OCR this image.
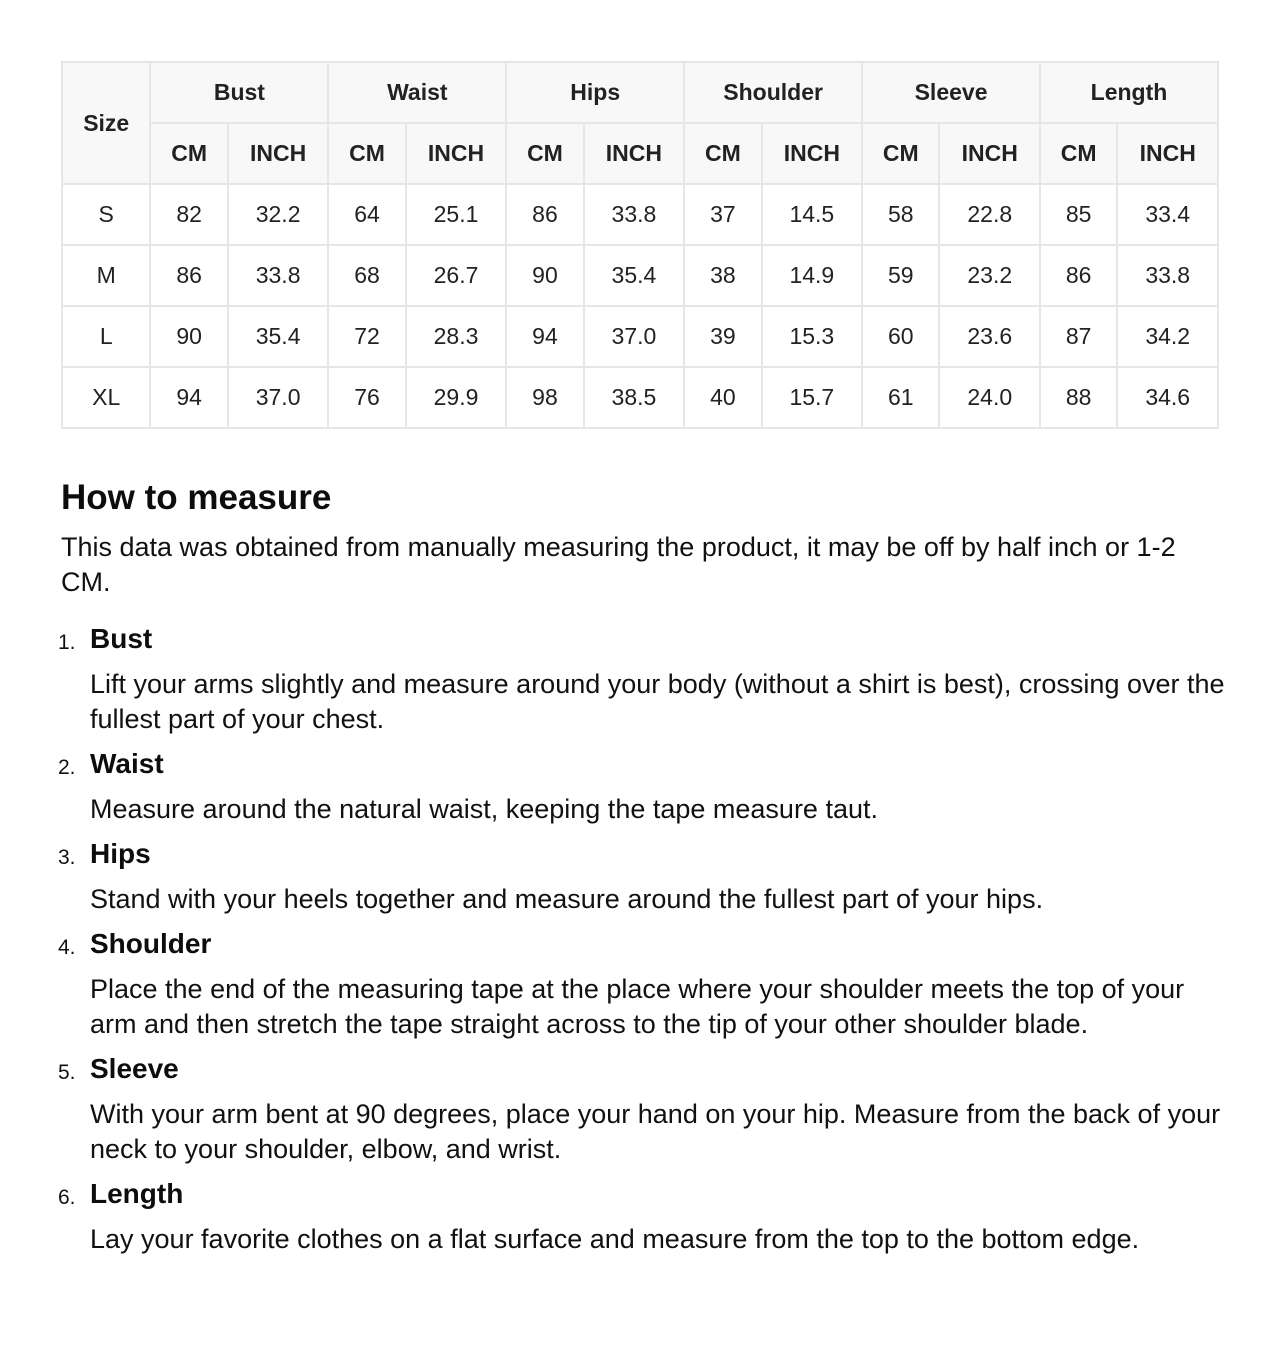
Size	Bust		Waist		Hips		Shoulder		Sleeve		Length	
	CM	INCH	CM	INCH	CM	INCH	CM	INCH	CM	INCH	CM	INCH
S	82	32.2	64	25.1	86	33.8	37	14.5	58	22.8	85	33.4
M	86	33.8	68	26.7	90	35.4	38	14.9	59	23.2	86	33.8
L	90	35.4	72	28.3	94	37.0	39	15.3	60	23.6	87	34.2
XL	94	37.0	76	29.9	98	38.5	40	15.7	61	24.0	88	34.6
How to measure

This data was obtained from manually measuring the product, it may be off by half inch or 1-2 CM.

1. Bust
Lift your arms slightly and measure around your body (without a shirt is best), crossing over the fullest part of your chest.
2. Waist
Measure around the natural waist, keeping the tape measure taut.
3. Hips
Stand with your heels together and measure around the fullest part of your hips.
4. Shoulder
Place the end of the measuring tape at the place where your shoulder meets the top of your arm and then stretch the tape straight across to the tip of your other shoulder blade.
5. Sleeve
With your arm bent at 90 degrees, place your hand on your hip. Measure from the back of your neck to your shoulder, elbow, and wrist.
6. Length
Lay your favorite clothes on a flat surface and measure from the top to the bottom edge.
